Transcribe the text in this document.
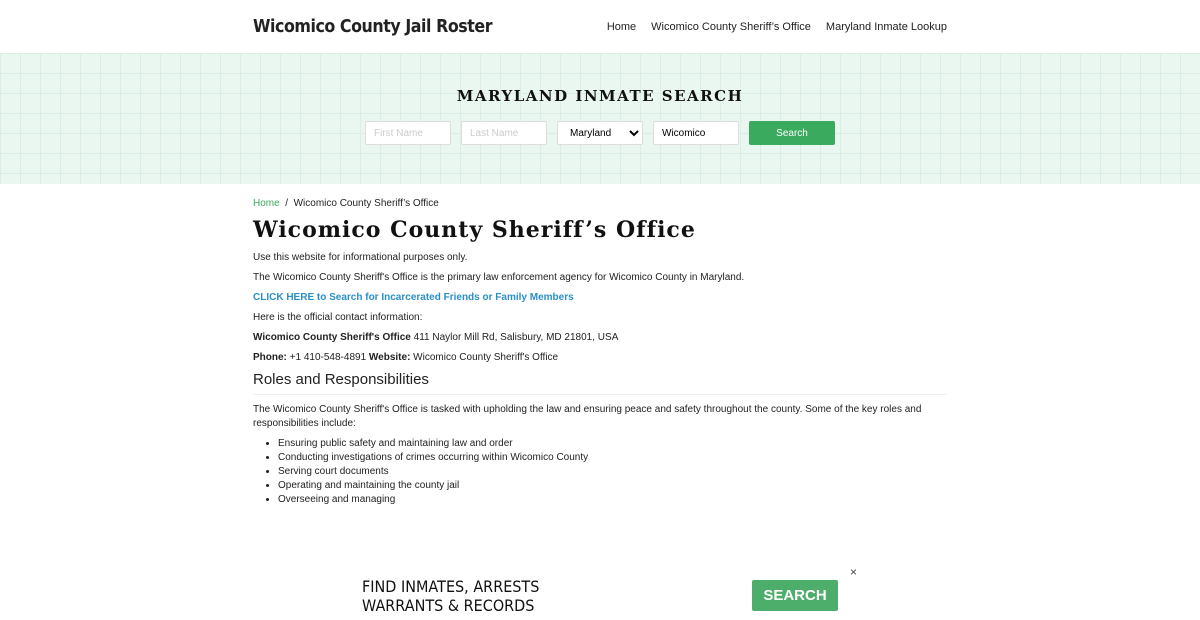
Wicomico County Jail Roster	Home Wicomico County Sheriff’s Office Maryland Inmate Lookup
MARYLAND INMATE SEARCH
First Name
Last Name
Maryland
Wicomico
Search
Home / Wicomico County Sheriff’s Office
Wicomico County Sheriff’s Office

Use this website for informational purposes only.

The Wicomico County Sheriff's Office is the primary law enforcement agency for Wicomico County in Maryland.

CLICK HERE to Search for Incarcerated Friends or Family Members

Here is the official contact information:

Wicomico County Sheriff's Office 411 Naylor Mill Rd, Salisbury, MD 21801, USA

Phone: +1 410-548-4891 Website: Wicomico County Sheriff's Office

Roles and Responsibilities

The Wicomico County Sheriff's Office is tasked with upholding the law and ensuring peace and safety throughout the county. Some of the key roles and responsibilities include:

• Ensuring public safety and maintaining law and order
• Conducting investigations of crimes occurring within Wicomico County
• Serving court documents
• Operating and maintaining the county jail
• Overseeing and managing
FIND INMATES, ARRESTS
WARRANTS & RECORDS
SEARCH
×
